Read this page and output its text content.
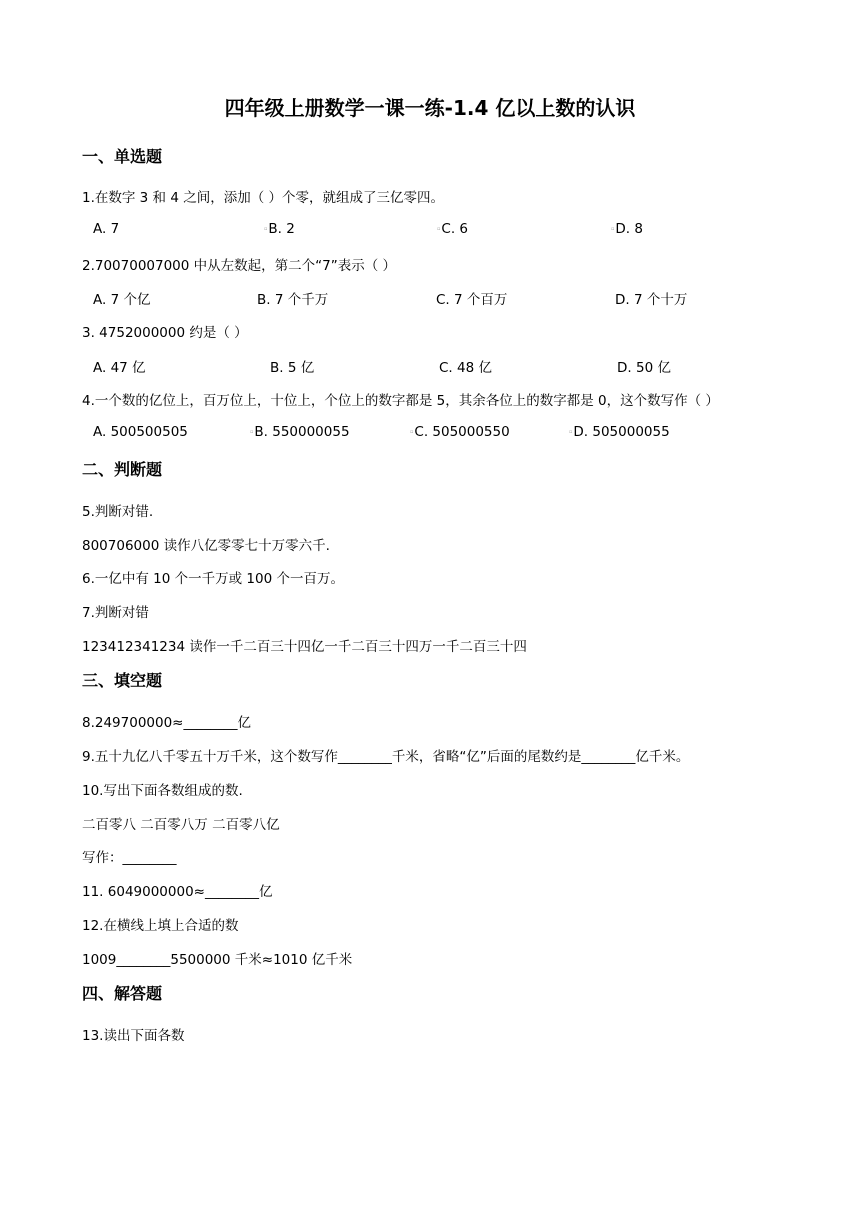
四年级上册数学一课一练-1.4 亿以上数的认识
一、单选题
1.在数字 3 和 4 之间，添加（ ）个零，就组成了三亿零四。
A. 7	▫B. 2	▫C. 6	▫D. 8
2.70070007000 中从左数起，第二个“7”表示（ ）
A. 7 个亿	B. 7 个千万	C. 7 个百万	D. 7 个十万
3. 4752000000 约是（ ）
A. 47 亿	B. 5 亿	C. 48 亿	D. 50 亿
4.一个数的亿位上，百万位上，十位上，个位上的数字都是 5，其余各位上的数字都是 0，这个数写作（ ）
A. 500500505	▫B. 550000055	▫C. 505000550	▫D. 505000055
二、判断题
5.判断对错.
800706000 读作八亿零零七十万零六千.
6.一亿中有 10 个一千万或 100 个一百万。
7.判断对错
123412341234 读作一千二百三十四亿一千二百三十四万一千二百三十四
三、填空题
8.249700000≈________亿
9.五十九亿八千零五十万千米，这个数写作________千米，省略“亿”后面的尾数约是________亿千米。
10.写出下面各数组成的数.
二百零八 二百零八万 二百零八亿
写作：________
11. 6049000000≈________亿
12.在横线上填上合适的数
1009________5500000 千米≈1010 亿千米
四、解答题
13.读出下面各数
